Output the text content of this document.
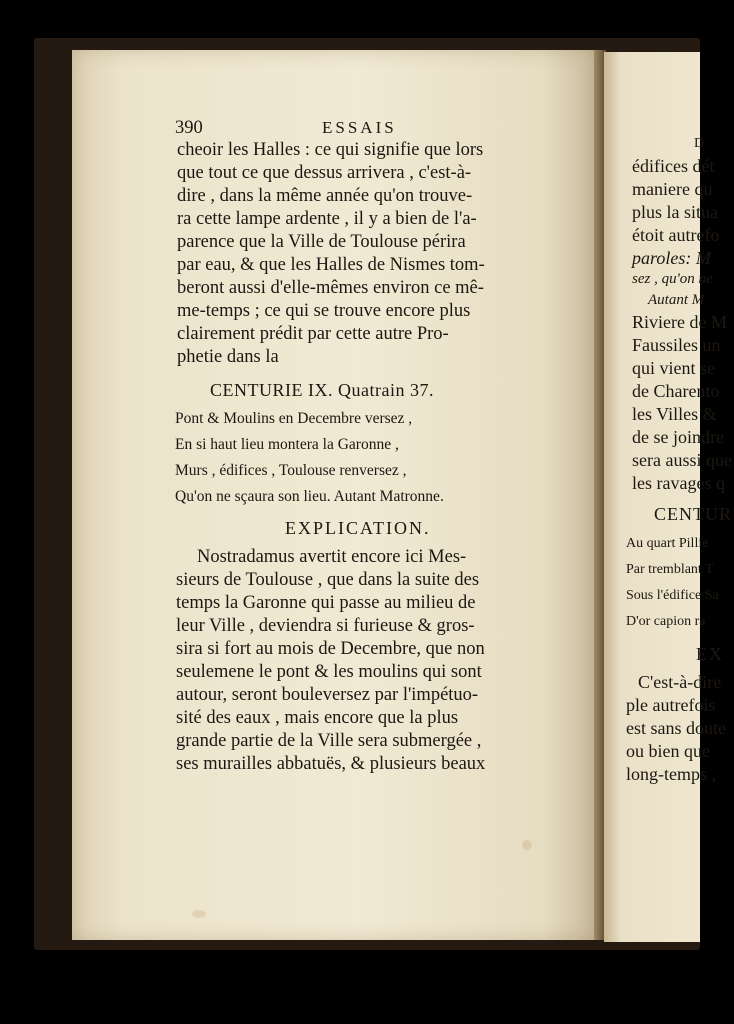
390	ESSAIS
cheoir les Halles : ce qui signifie que lors
que tout ce que dessus arrivera , c'est-à-
dire , dans la même année qu'on trouve-
ra cette lampe ardente , il y a bien de l'a-
parence que la Ville de Toulouse périra
par eau, & que les Halles de Nismes tom-
beront aussi d'elle-mêmes environ ce mê-
me-temps ; ce qui se trouve encore plus
clairement prédit par cette autre Pro-
phetie dans la
CENTURIE IX. Quatrain 37.
Pont & Moulins en Decembre versez ,
En si haut lieu montera la Garonne ,
Murs , édifices , Toulouse renversez ,
Qu'on ne sçaura son lieu. Autant Matronne.
EXPLICATION.
Nostradamus avertit encore ici Mes-
sieurs de Toulouse , que dans la suite des
temps la Garonne qui passe au milieu de
leur Ville , deviendra si furieuse & gros-
sira si fort au mois de Decembre, que non
seulemene le pont & les moulins qui sont
autour, seront bouleversez par l'impétuo-
sité des eaux , mais encore que la plus
grande partie de la Ville sera submergée ,
ses murailles abbatuës, & plusieurs beaux
D
édifices dét
maniere qu
plus la situa
étoit autrefo
paroles: M
sez , qu'on ne
Autant M
Riviere de M
Faussiles un
qui vient se
de Charento
les Villes &
de se joindre
sera aussi que
les ravages q
CENTUR
Au quart Pillie
Par tremblant T
Sous l'édifice Sa
D'or capion ra
EX
C'est-à-dire
ple autrefois
est sans doute
ou bien que
long-temps ,
